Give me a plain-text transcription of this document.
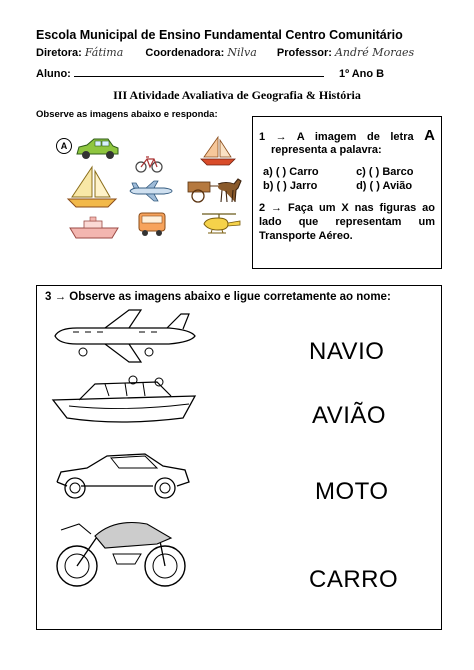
Escola Municipal de Ensino Fundamental Centro Comunitário
Diretora: Fátima Coordenadora: Nilva Professor: André Moraes
Aluno:	1º Ano B
III Atividade Avaliativa de Geografia & História
Observe as imagens abaixo e responda:
A
1 → A imagem de letra A
representa a palavra:
a) ( ) Carro	c) ( ) Barco
b) ( ) Jarro	d) ( ) Avião
2 → Faça um X nas figuras ao
lado que representam um
Transporte Aéreo.
3 → Observe as imagens abaixo e ligue corretamente ao nome:
NAVIO
AVIÃO
MOTO
CARRO
